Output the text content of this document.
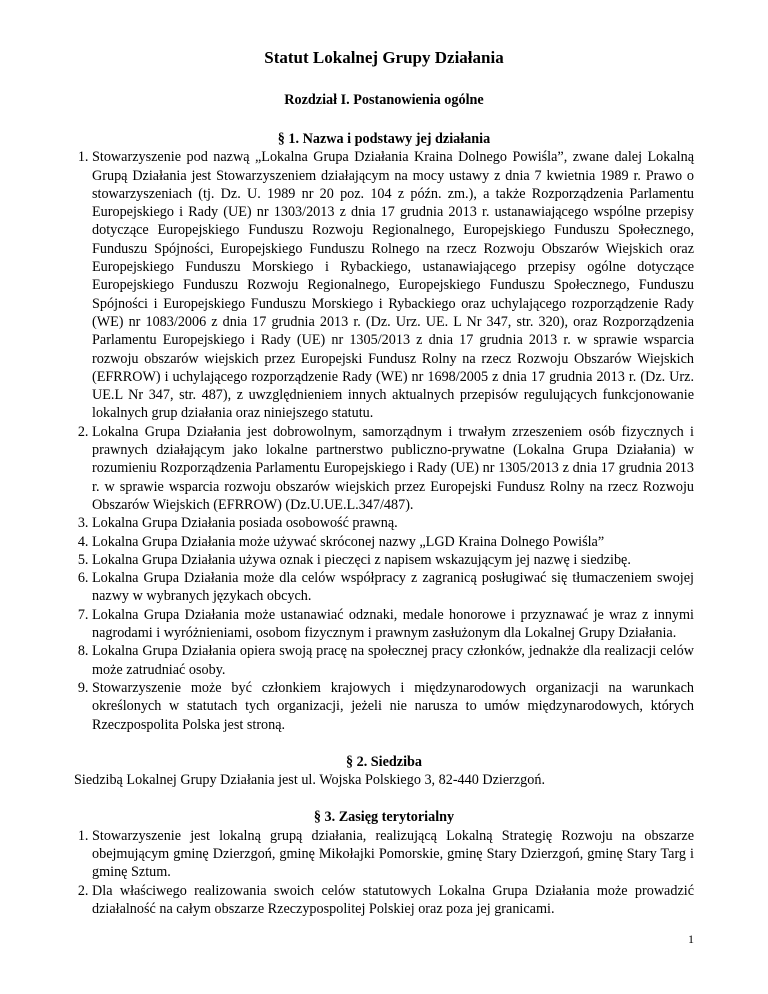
Statut Lokalnej Grupy Działania
Rozdział I. Postanowienia ogólne

§ 1. Nazwa i podstawy jej działania

1. Stowarzyszenie pod nazwą „Lokalna Grupa Działania Kraina Dolnego Powiśla”, zwane dalej Lokalną Grupą Działania jest Stowarzyszeniem działającym na mocy ustawy z dnia 7 kwietnia 1989 r. Prawo o stowarzyszeniach (tj. Dz. U. 1989 nr 20 poz. 104 z późn. zm.), a także Rozporządzenia Parlamentu Europejskiego i Rady (UE) nr 1303/2013 z dnia 17 grudnia 2013 r. ustanawiającego wspólne przepisy dotyczące Europejskiego Funduszu Rozwoju Regionalnego, Europejskiego Funduszu Społecznego, Funduszu Spójności, Europejskiego Funduszu Rolnego na rzecz Rozwoju Obszarów Wiejskich oraz Europejskiego Funduszu Morskiego i Rybackiego, ustanawiającego przepisy ogólne dotyczące Europejskiego Funduszu Rozwoju Regionalnego, Europejskiego Funduszu Społecznego, Funduszu Spójności i Europejskiego Funduszu Morskiego i Rybackiego oraz uchylającego rozporządzenie Rady (WE) nr 1083/2006 z dnia 17 grudnia 2013 r. (Dz. Urz. UE. L Nr 347, str. 320), oraz Rozporządzenia Parlamentu Europejskiego i Rady (UE) nr 1305/2013 z dnia 17 grudnia 2013 r. w sprawie wsparcia rozwoju obszarów wiejskich przez Europejski Fundusz Rolny na rzecz Rozwoju Obszarów Wiejskich (EFRROW) i uchylającego rozporządzenie Rady (WE) nr 1698/2005 z dnia 17 grudnia 2013 r. (Dz. Urz. UE.L Nr 347, str. 487), z uwzględnieniem innych aktualnych przepisów regulujących funkcjonowanie lokalnych grup działania oraz niniejszego statutu.
2. Lokalna Grupa Działania jest dobrowolnym, samorządnym i trwałym zrzeszeniem osób fizycznych i prawnych działającym jako lokalne partnerstwo publiczno-prywatne (Lokalna Grupa Działania) w rozumieniu Rozporządzenia Parlamentu Europejskiego i Rady (UE) nr 1305/2013 z dnia 17 grudnia 2013 r. w sprawie wsparcia rozwoju obszarów wiejskich przez Europejski Fundusz Rolny na rzecz Rozwoju Obszarów Wiejskich (EFRROW) (Dz.U.UE.L.347/487).
3. Lokalna Grupa Działania posiada osobowość prawną.
4. Lokalna Grupa Działania może używać skróconej nazwy „LGD Kraina Dolnego Powiśla”
5. Lokalna Grupa Działania używa oznak i pieczęci z napisem wskazującym jej nazwę i siedzibę.
6. Lokalna Grupa Działania może dla celów współpracy z zagranicą posługiwać się tłumaczeniem swojej nazwy w wybranych językach obcych.
7. Lokalna Grupa Działania może ustanawiać odznaki, medale honorowe i przyznawać je wraz z innymi nagrodami i wyróżnieniami, osobom fizycznym i prawnym zasłużonym dla Lokalnej Grupy Działania.
8. Lokalna Grupa Działania opiera swoją pracę na społecznej pracy członków, jednakże dla realizacji celów może zatrudniać osoby.
9. Stowarzyszenie może być członkiem krajowych i międzynarodowych organizacji na warunkach określonych w statutach tych organizacji, jeżeli nie narusza to umów międzynarodowych, których Rzeczpospolita Polska jest stroną.

§ 2. Siedziba

Siedzibą Lokalnej Grupy Działania jest ul. Wojska Polskiego 3, 82-440 Dzierzgoń.

§ 3. Zasięg terytorialny

1. Stowarzyszenie jest lokalną grupą działania, realizującą Lokalną Strategię Rozwoju na obszarze obejmującym gminę Dzierzgoń, gminę Mikołajki Pomorskie, gminę Stary Dzierzgoń, gminę Stary Targ i gminę Sztum.
2. Dla właściwego realizowania swoich celów statutowych Lokalna Grupa Działania może prowadzić działalność na całym obszarze Rzeczypospolitej Polskiej oraz poza jej granicami.
1
